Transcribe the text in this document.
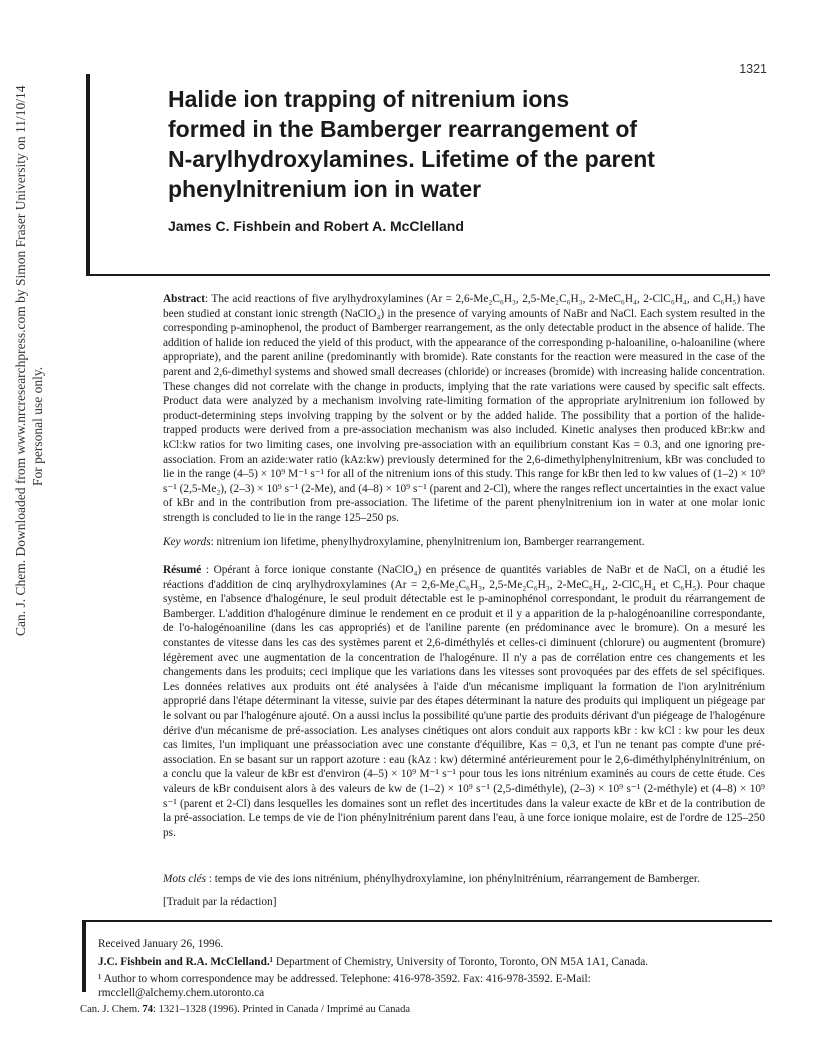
1321
Can. J. Chem. Downloaded from www.nrcresearchpress.com by Simon Fraser University on 11/10/14 For personal use only.
Halide ion trapping of nitrenium ions
formed in the Bamberger rearrangement of
N-arylhydroxylamines. Lifetime of the parent
phenylnitrenium ion in water
James C. Fishbein and Robert A. McClelland

Abstract: The acid reactions of five arylhydroxylamines (Ar = 2,6-Me₂C₆H₃, 2,5-Me₂C₆H₃, 2-MeC₆H₄, 2-ClC₆H₄, and C₆H₅) have been studied at constant ionic strength (NaClO₄) in the presence of varying amounts of NaBr and NaCl. Each system resulted in the corresponding p-aminophenol, the product of Bamberger rearrangement, as the only detectable product in the absence of halide. The addition of halide ion reduced the yield of this product, with the appearance of the corresponding p-haloaniline, o-haloaniline (where appropriate), and the parent aniline (predominantly with bromide). Rate constants for the reaction were measured in the case of the parent and 2,6-dimethyl systems and showed small decreases (chloride) or increases (bromide) with increasing halide concentration. These changes did not correlate with the change in products, implying that the rate variations were caused by specific salt effects. Product data were analyzed by a mechanism involving rate-limiting formation of the appropriate arylnitrenium ion followed by product-determining steps involving trapping by the solvent or by the added halide. The possibility that a portion of the halide-trapped products were derived from a pre-association mechanism was also included. Kinetic analyses then produced kBr:kw and kCl:kw ratios for two limiting cases, one involving pre-association with an equilibrium constant Kas = 0.3, and one ignoring pre-association. From an azide:water ratio (kAz:kw) previously determined for the 2,6-dimethylphenylnitrenium, kBr was concluded to lie in the range (4–5) × 10⁹ M⁻¹ s⁻¹ for all of the nitrenium ions of this study. This range for kBr then led to kw values of (1–2) × 10⁹ s⁻¹ (2,5-Me₂), (2–3) × 10⁹ s⁻¹ (2-Me), and (4–8) × 10⁹ s⁻¹ (parent and 2-Cl), where the ranges reflect uncertainties in the exact value of kBr and in the contribution from pre-association. The lifetime of the parent phenylnitrenium ion in water at one molar ionic strength is concluded to lie in the range 125–250 ps.

Key words: nitrenium ion lifetime, phenylhydroxylamine, phenylnitrenium ion, Bamberger rearrangement.

Résumé : Opérant à force ionique constante (NaClO₄) en présence de quantités variables de NaBr et de NaCl, on a étudié les réactions d'addition de cinq arylhydroxylamines (Ar = 2,6-Me₂C₆H₃, 2,5-Me₂C₆H₃, 2-MeC₆H₄, 2-ClC₆H₄ et C₆H₅). Pour chaque système, en l'absence d'halogénure, le seul produit détectable est le p-aminophénol correspondant, le produit du réarrangement de Bamberger. L'addition d'halogénure diminue le rendement en ce produit et il y a apparition de la p-halogénoaniline correspondante, de l'o-halogénoaniline (dans les cas appropriés) et de l'aniline parente (en prédominance avec le bromure). On a mesuré les constantes de vitesse dans les cas des systèmes parent et 2,6-diméthylés et celles-ci diminuent (chlorure) ou augmentent (bromure) légèrement avec une augmentation de la concentration de l'halogénure. Il n'y a pas de corrélation entre ces changements et les changements dans les produits; ceci implique que les variations dans les vitesses sont provoquées par des effets de sel spécifiques. Les données relatives aux produits ont été analysées à l'aide d'un mécanisme impliquant la formation de l'ion arylnitrénium approprié dans l'étape déterminant la vitesse, suivie par des étapes déterminant la nature des produits qui impliquent un piégeage par le solvant ou par l'halogénure ajouté. On a aussi inclus la possibilité qu'une partie des produits dérivant d'un piégeage de l'halogénure dérive d'un mécanisme de pré-association. Les analyses cinétiques ont alors conduit aux rapports kBr : kw kCl : kw pour les deux cas limites, l'un impliquant une préassociation avec une constante d'équilibre, Kas = 0,3, et l'un ne tenant pas compte d'une pré-association. En se basant sur un rapport azoture : eau (kAz : kw) déterminé antérieurement pour le 2,6-diméthylphénylnitrénium, on a conclu que la valeur de kBr est d'environ (4–5) × 10⁹ M⁻¹ s⁻¹ pour tous les ions nitrénium examinés au cours de cette étude. Ces valeurs de kBr conduisent alors à des valeurs de kw de (1–2) × 10⁹ s⁻¹ (2,5-diméthyle), (2–3) × 10⁹ s⁻¹ (2-méthyle) et (4–8) × 10⁹ s⁻¹ (parent et 2-Cl) dans lesquelles les domaines sont un reflet des incertitudes dans la valeur exacte de kBr et de la contribution de la pré-association. Le temps de vie de l'ion phénylnitrénium parent dans l'eau, à une force ionique molaire, est de l'ordre de 125–250 ps.

Mots clés : temps de vie des ions nitrénium, phénylhydroxylamine, ion phénylnitrénium, réarrangement de Bamberger.

[Traduit par la rédaction]

Received January 26, 1996.
J.C. Fishbein and R.A. McClelland.¹ Department of Chemistry, University of Toronto, Toronto, ON M5A 1A1, Canada.
¹ Author to whom correspondence may be addressed. Telephone: 416-978-3592. Fax: 416-978-3592. E-Mail: rmcclell@alchemy.chem.utoronto.ca
Can. J. Chem. 74: 1321–1328 (1996). Printed in Canada / Imprimé au Canada
